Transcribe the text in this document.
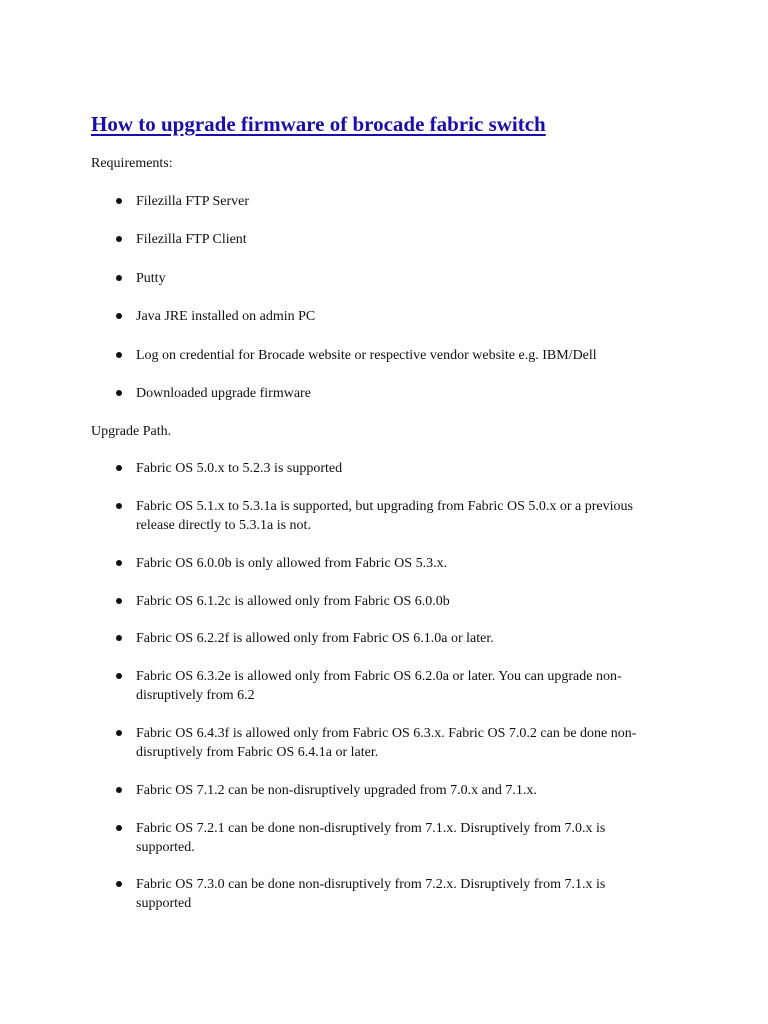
How to upgrade firmware of brocade fabric switch

Requirements:

Filezilla FTP Server
Filezilla FTP Client
Putty
Java JRE installed on admin PC
Log on credential for Brocade website or respective vendor website e.g. IBM/Dell
Downloaded upgrade firmware

Upgrade Path.

Fabric OS 5.0.x to 5.2.3 is supported
Fabric OS 5.1.x to 5.3.1a is supported, but upgrading from Fabric OS 5.0.x or a previous
release directly to 5.3.1a is not.
Fabric OS 6.0.0b is only allowed from Fabric OS 5.3.x.
Fabric OS 6.1.2c is allowed only from Fabric OS 6.0.0b
Fabric OS 6.2.2f is allowed only from Fabric OS 6.1.0a or later.
Fabric OS 6.3.2e is allowed only from Fabric OS 6.2.0a or later. You can upgrade non-
disruptively from 6.2
Fabric OS 6.4.3f is allowed only from Fabric OS 6.3.x. Fabric OS 7.0.2 can be done non-
disruptively from Fabric OS 6.4.1a or later.
Fabric OS 7.1.2 can be non-disruptively upgraded from 7.0.x and 7.1.x.
Fabric OS 7.2.1 can be done non-disruptively from 7.1.x. Disruptively from 7.0.x is
supported.
Fabric OS 7.3.0 can be done non-disruptively from 7.2.x. Disruptively from 7.1.x is
supported
